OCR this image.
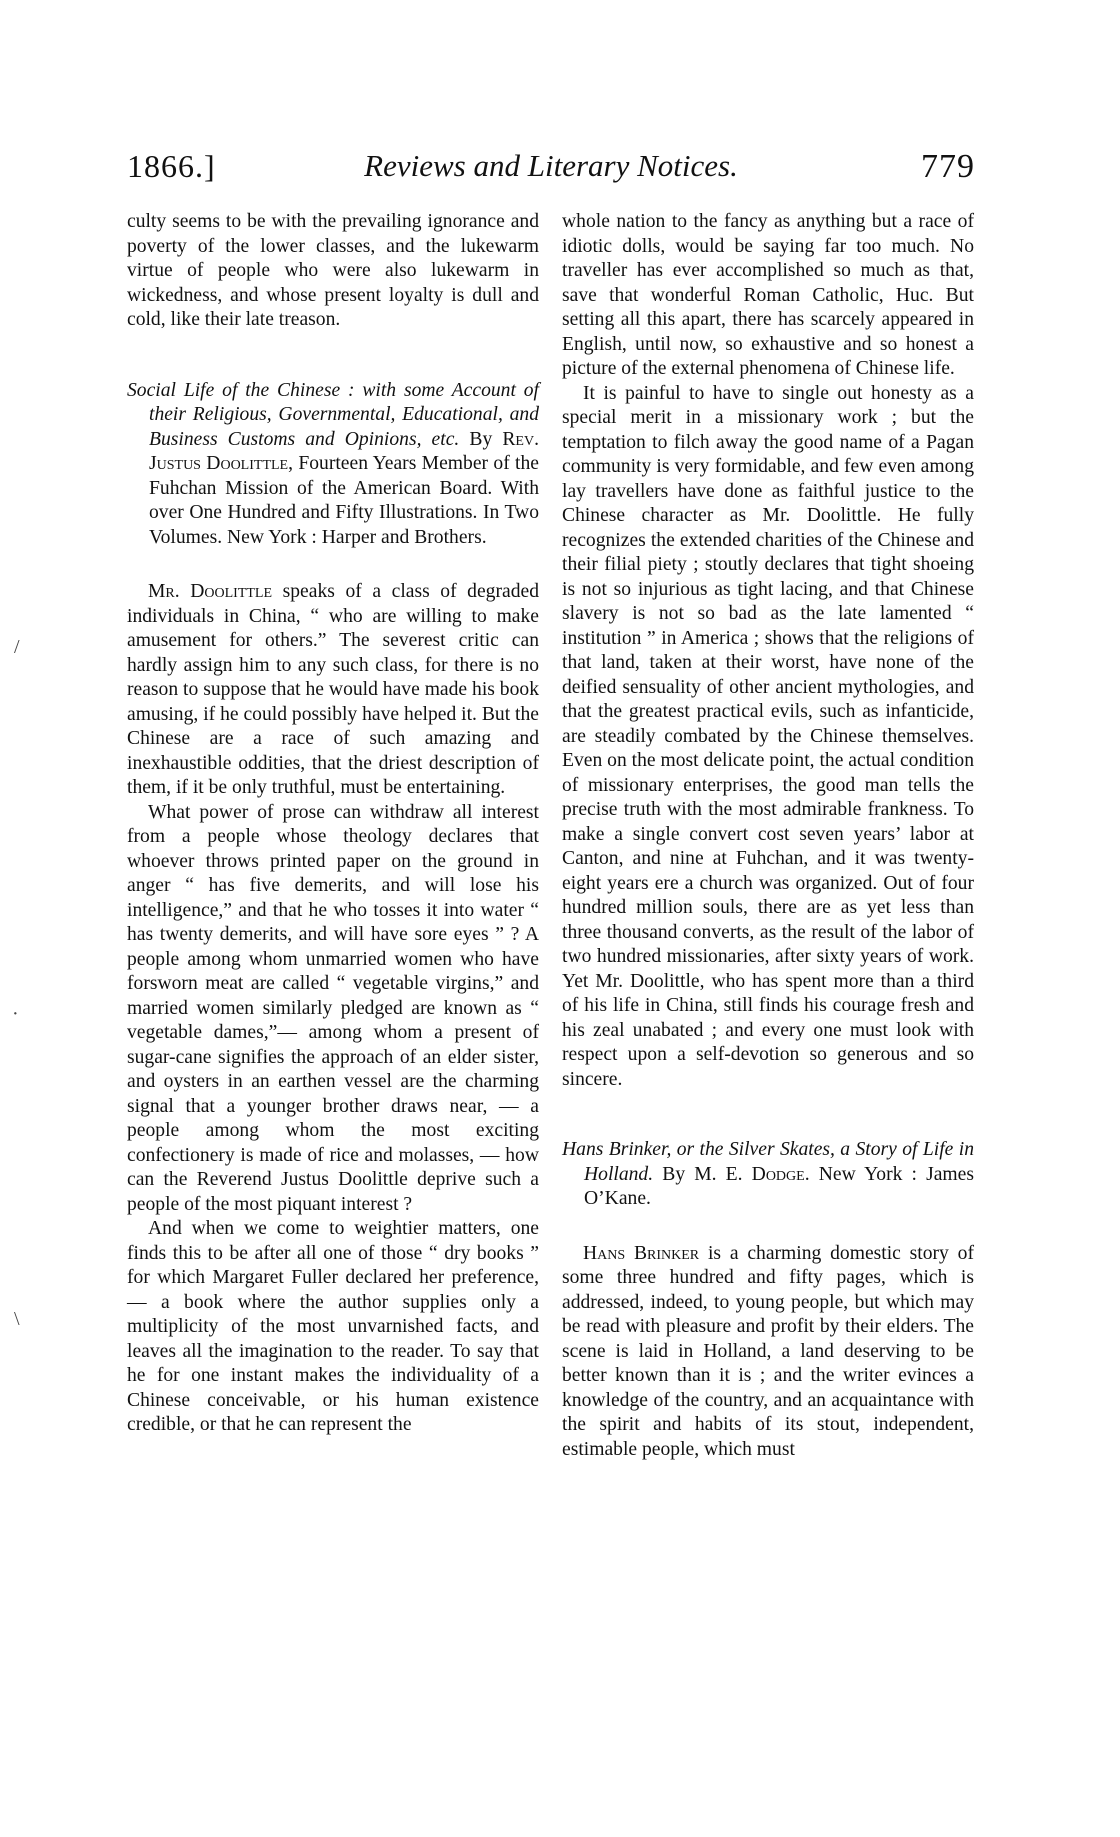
1866.]	Reviews and Literary Notices.	779

culty seems to be with the prevailing ignorance and poverty of the lower classes, and the lukewarm virtue of people who were also lukewarm in wickedness, and whose present loyalty is dull and cold, like their late treason.

Social Life of the Chinese : with some Account of their Religious, Governmental, Educational, and Business Customs and Opinions, etc. By Rev. Justus Doolittle, Fourteen Years Member of the Fuhchan Mission of the American Board. With over One Hundred and Fifty Illustrations. In Two Volumes. New York : Harper and Brothers.

Mr. Doolittle speaks of a class of degraded individuals in China, “ who are willing to make amusement for others.” The severest critic can hardly assign him to any such class, for there is no reason to suppose that he would have made his book amusing, if he could possibly have helped it. But the Chinese are a race of such amazing and inexhaustible oddities, that the driest description of them, if it be only truthful, must be entertaining.

What power of prose can withdraw all interest from a people whose theology declares that whoever throws printed paper on the ground in anger “ has five demerits, and will lose his intelligence,” and that he who tosses it into water “ has twenty demerits, and will have sore eyes ” ? A people among whom unmarried women who have forsworn meat are called “ vegetable virgins,” and married women similarly pledged are known as “ vegetable dames,”— among whom a present of sugar-cane signifies the approach of an elder sister, and oysters in an earthen vessel are the charming signal that a younger brother draws near, — a people among whom the most exciting confectionery is made of rice and molasses, — how can the Reverend Justus Doolittle deprive such a people of the most piquant interest ?

And when we come to weightier matters, one finds this to be after all one of those “ dry books ” for which Margaret Fuller declared her preference, — a book where the author supplies only a multiplicity of the most unvarnished facts, and leaves all the imagination to the reader. To say that he for one instant makes the individuality of a Chinese conceivable, or his human existence credible, or that he can represent the

whole nation to the fancy as anything but a race of idiotic dolls, would be saying far too much. No traveller has ever accomplished so much as that, save that wonderful Roman Catholic, Huc. But setting all this apart, there has scarcely appeared in English, until now, so exhaustive and so honest a picture of the external phenomena of Chinese life.

It is painful to have to single out honesty as a special merit in a missionary work ; but the temptation to filch away the good name of a Pagan community is very formidable, and few even among lay travellers have done as faithful justice to the Chinese character as Mr. Doolittle. He fully recognizes the extended charities of the Chinese and their filial piety ; stoutly declares that tight shoeing is not so injurious as tight lacing, and that Chinese slavery is not so bad as the late lamented “ institution ” in America ; shows that the religions of that land, taken at their worst, have none of the deified sensuality of other ancient mythologies, and that the greatest practical evils, such as infanticide, are steadily combated by the Chinese themselves. Even on the most delicate point, the actual condition of missionary enterprises, the good man tells the precise truth with the most admirable frankness. To make a single convert cost seven years’ labor at Canton, and nine at Fuhchan, and it was twenty-eight years ere a church was organized. Out of four hundred million souls, there are as yet less than three thousand converts, as the result of the labor of two hundred missionaries, after sixty years of work. Yet Mr. Doolittle, who has spent more than a third of his life in China, still finds his courage fresh and his zeal unabated ; and every one must look with respect upon a self-devotion so generous and so sincere.

Hans Brinker, or the Silver Skates, a Story of Life in Holland. By M. E. Dodge. New York : James O’Kane.

Hans Brinker is a charming domestic story of some three hundred and fifty pages, which is addressed, indeed, to young people, but which may be read with pleasure and profit by their elders. The scene is laid in Holland, a land deserving to be better known than it is ; and the writer evinces a knowledge of the country, and an acquaintance with the spirit and habits of its stout, independent, estimable people, which must

/
·
\
